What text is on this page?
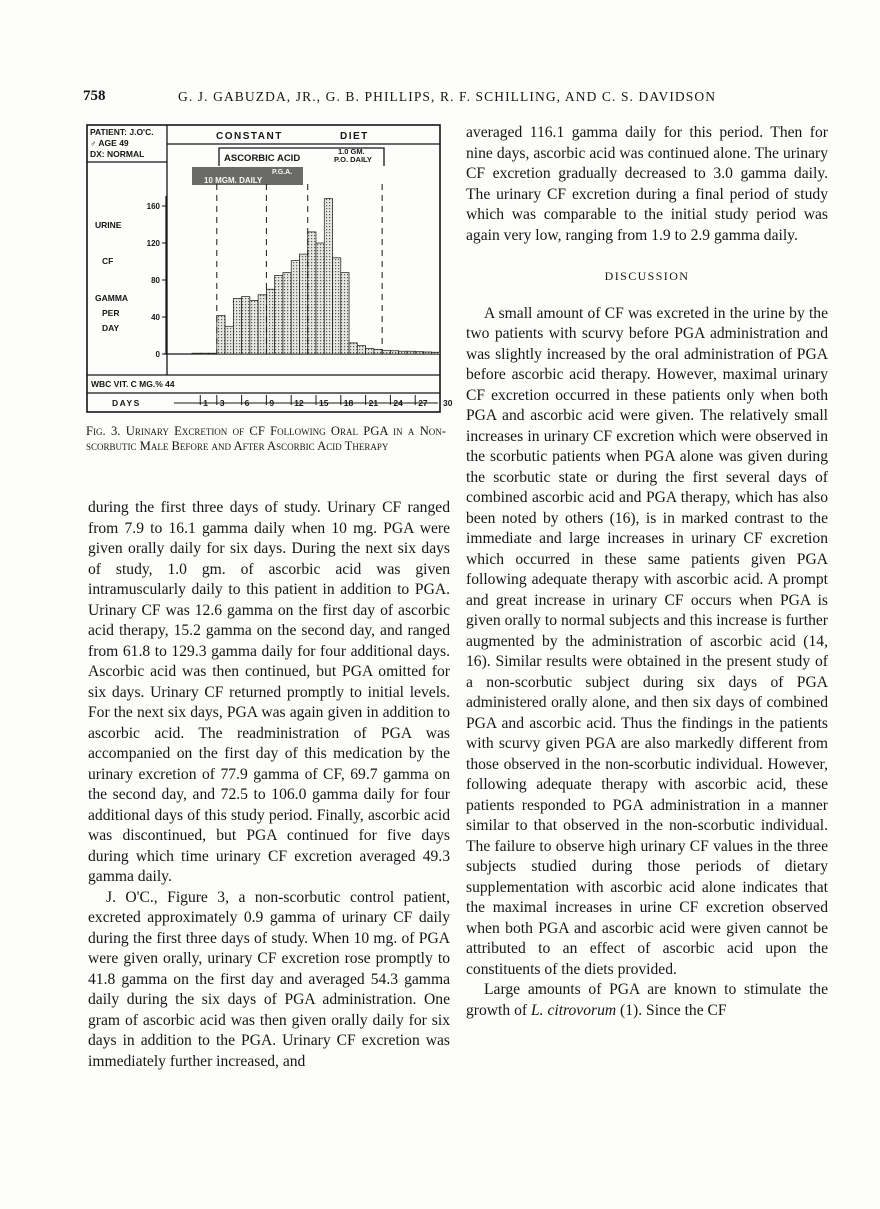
758	G. J. GABUZDA, JR., G. B. PHILLIPS, R. F. SCHILLING, AND C. S. DAVIDSON
PATIENT: J.O'C.
♂ AGE 49
DX: NORMAL
CONSTANT	DIET
ASCORBIC ACID
1.0 GM.
P.O. DAILY
P.G.A.
10 MGM. DAILY
URINE
CF
GAMMA
PER
DAY
0
40
80
120
160
WBC VIT. C MG.% 44
DAYS	1 3 6 9 12 15 18 21 24 27 30
Fig. 3. Urinary Excretion of CF Following Oral PGA in a Non-scorbutic Male Before and After Ascorbic Acid Therapy

during the first three days of study. Urinary CF ranged from 7.9 to 16.1 gamma daily when 10 mg. PGA were given orally daily for six days. During the next six days of study, 1.0 gm. of ascorbic acid was given intramuscularly daily to this patient in addition to PGA. Urinary CF was 12.6 gamma on the first day of ascorbic acid therapy, 15.2 gamma on the second day, and ranged from 61.8 to 129.3 gamma daily for four additional days. Ascorbic acid was then continued, but PGA omitted for six days. Urinary CF returned promptly to initial levels. For the next six days, PGA was again given in addition to ascorbic acid. The readministration of PGA was accompanied on the first day of this medication by the urinary excretion of 77.9 gamma of CF, 69.7 gamma on the second day, and 72.5 to 106.0 gamma daily for four additional days of this study period. Finally, ascorbic acid was discontinued, but PGA continued for five days during which time urinary CF excretion averaged 49.3 gamma daily.

J. O'C., Figure 3, a non-scorbutic control patient, excreted approximately 0.9 gamma of urinary CF daily during the first three days of study. When 10 mg. of PGA were given orally, urinary CF excretion rose promptly to 41.8 gamma on the first day and averaged 54.3 gamma daily during the six days of PGA administration. One gram of ascorbic acid was then given orally daily for six days in addition to the PGA. Urinary CF excretion was immediately further increased, and

averaged 116.1 gamma daily for this period. Then for nine days, ascorbic acid was continued alone. The urinary CF excretion gradually decreased to 3.0 gamma daily. The urinary CF excretion during a final period of study which was comparable to the initial study period was again very low, ranging from 1.9 to 2.9 gamma daily.

DISCUSSION

A small amount of CF was excreted in the urine by the two patients with scurvy before PGA administration and was slightly increased by the oral administration of PGA before ascorbic acid therapy. However, maximal urinary CF excretion occurred in these patients only when both PGA and ascorbic acid were given. The relatively small increases in urinary CF excretion which were observed in the scorbutic patients when PGA alone was given during the scorbutic state or during the first several days of combined ascorbic acid and PGA therapy, which has also been noted by others (16), is in marked contrast to the immediate and large increases in urinary CF excretion which occurred in these same patients given PGA following adequate therapy with ascorbic acid. A prompt and great increase in urinary CF occurs when PGA is given orally to normal subjects and this increase is further augmented by the administration of ascorbic acid (14, 16). Similar results were obtained in the present study of a non-scorbutic subject during six days of PGA administered orally alone, and then six days of combined PGA and ascorbic acid. Thus the findings in the patients with scurvy given PGA are also markedly different from those observed in the non-scorbutic individual. However, following adequate therapy with ascorbic acid, these patients responded to PGA administration in a manner similar to that observed in the non-scorbutic individual. The failure to observe high urinary CF values in the three subjects studied during those periods of dietary supplementation with ascorbic acid alone indicates that the maximal increases in urine CF excretion observed when both PGA and ascorbic acid were given cannot be attributed to an effect of ascorbic acid upon the constituents of the diets provided.

Large amounts of PGA are known to stimulate the growth of L. citrovorum (1). Since the CF
